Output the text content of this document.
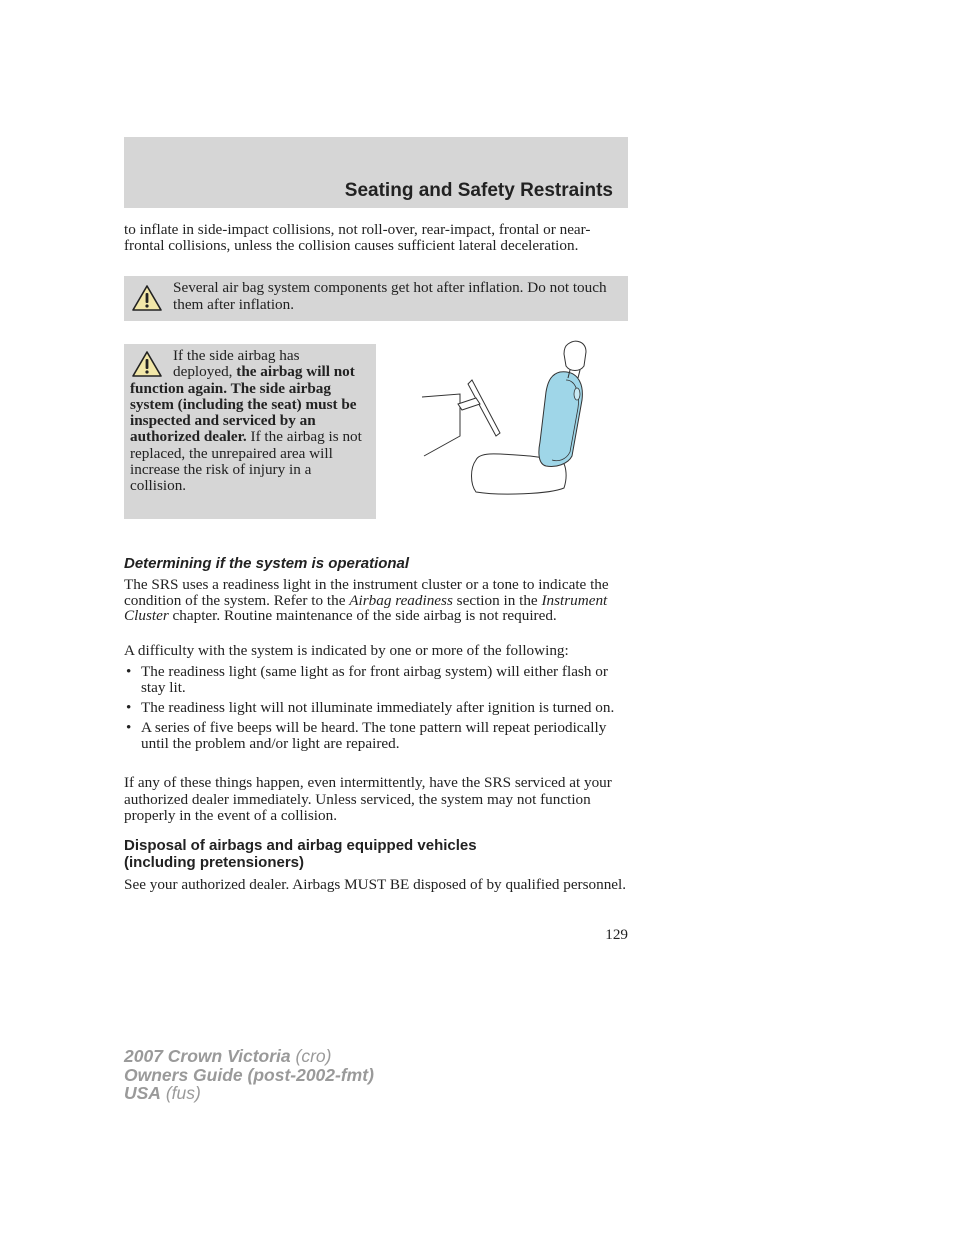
Seating and Safety Restraints

to inflate in side-impact collisions, not roll-over, rear-impact, frontal or near-frontal collisions, unless the collision causes sufficient lateral deceleration.

Several air bag system components get hot after inflation. Do not touch them after inflation.

If the side airbag has
deployed, the airbag will not function again. The side airbag system (including the seat) must be inspected and serviced by an authorized dealer. If the airbag is not replaced, the unrepaired area will increase the risk of injury in a collision.

Determining if the system is operational

The SRS uses a readiness light in the instrument cluster or a tone to indicate the condition of the system. Refer to the Airbag readiness section in the Instrument Cluster chapter. Routine maintenance of the side airbag is not required.

A difficulty with the system is indicated by one or more of the following:

• The readiness light (same light as for front airbag system) will either flash or stay lit.
• The readiness light will not illuminate immediately after ignition is turned on.
• A series of five beeps will be heard. The tone pattern will repeat periodically until the problem and/or light are repaired.

If any of these things happen, even intermittently, have the SRS serviced at your authorized dealer immediately. Unless serviced, the system may not function properly in the event of a collision.

Disposal of airbags and airbag equipped vehicles
(including pretensioners)

See your authorized dealer. Airbags MUST BE disposed of by qualified personnel.

129
2007 Crown Victoria (cro)
Owners Guide (post-2002-fmt)
USA (fus)
